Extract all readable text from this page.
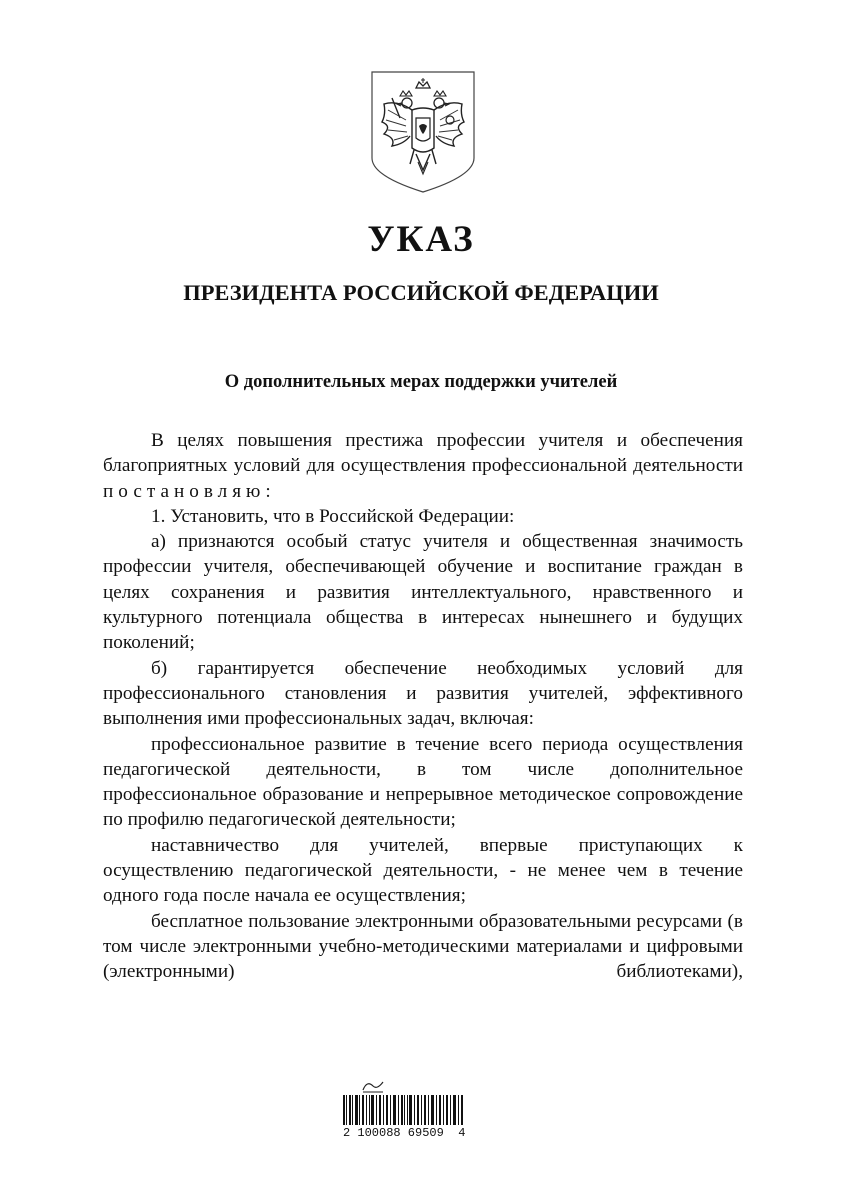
УКАЗ
ПРЕЗИДЕНТА РОССИЙСКОЙ ФЕДЕРАЦИИ
О дополнительных мерах поддержки учителей

В целях повышения престижа профессии учителя и обеспечения благоприятных условий для осуществления профессиональной деятельности постановляю:

1. Установить, что в Российской Федерации:

а) признаются особый статус учителя и общественная значимость профессии учителя, обеспечивающей обучение и воспитание граждан в целях сохранения и развития интеллектуального, нравственного и культурного потенциала общества в интересах нынешнего и будущих поколений;

б) гарантируется обеспечение необходимых условий для профессионального становления и развития учителей, эффективного выполнения ими профессиональных задач, включая:

профессиональное развитие в течение всего периода осуществления педагогической деятельности, в том числе дополнительное профессиональное образование и непрерывное методическое сопровождение по профилю педагогической деятельности;

наставничество для учителей, впервые приступающих к осуществлению педагогической деятельности, - не менее чем в течение одного года после начала ее осуществления;

бесплатное пользование электронными образовательными ресурсами (в том числе электронными учебно-методическими материалами и цифровыми (электронными) библиотеками),

2 100088 69509  4
